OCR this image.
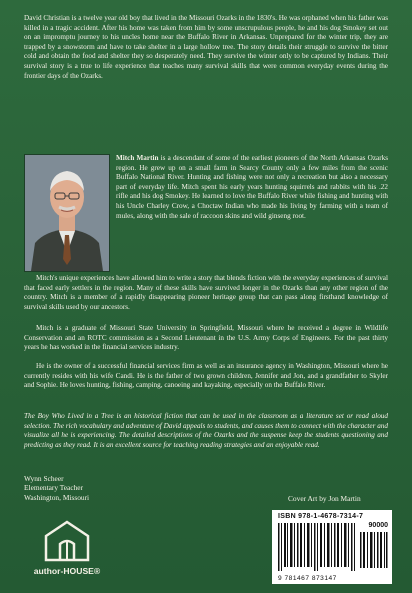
David Christian is a twelve year old boy that lived in the Missouri Ozarks in the 1830's. He was orphaned when his father was killed in a tragic accident. After his home was taken from him by some unscrupulous people, he and his dog Smokey set out on an impromptu journey to his uncles home near the Buffalo River in Arkansas. Unprepared for the winter trip, they are trapped by a snowstorm and have to take shelter in a large hollow tree. The story details their struggle to survive the bitter cold and obtain the food and shelter they so desperately need. They survive the winter only to be captured by Indians. Their survival story is a true to life experience that teaches many survival skills that were common everyday events during the frontier days of the Ozarks.

Mitch Martin is a descendant of some of the earliest pioneers of the North Arkansas Ozarks region. He grew up on a small farm in Searcy County only a few miles from the scenic Buffalo National River. Hunting and fishing were not only a recreation but also a necessary part of everyday life. Mitch spent his early years hunting squirrels and rabbits with his .22 rifle and his dog Smokey. He learned to love the Buffalo River while fishing and hunting with his Uncle Charley Crow, a Choctaw Indian who made his living by farming with a team of mules, along with the sale of raccoon skins and wild ginseng root.

Mitch's unique experiences have allowed him to write a story that blends fiction with the everyday experiences of survival that faced early settlers in the region. Many of these skills have survived longer in the Ozarks than any other region of the country. Mitch is a member of a rapidly disappearing pioneer heritage group that can pass along firsthand knowledge of survival skills used by our ancestors.

Mitch is a graduate of Missouri State University in Springfield, Missouri where he received a degree in Wildlife Conservation and an ROTC commission as a Second Lieutenant in the U.S. Army Corps of Engineers. For the past thirty years he has worked in the financial services industry.

He is the owner of a successful financial services firm as well as an insurance agency in Washington, Missouri where he currently resides with his wife Candi. He is the father of two grown children, Jennifer and Jon, and a grandfather to Skyler and Sophie. He loves hunting, fishing, camping, canoeing and kayaking, especially on the Buffalo River.

The Boy Who Lived in a Tree is an historical fiction that can be used in the classroom as a literature set or read aloud selection. The rich vocabulary and adventure of David appeals to students, and causes them to connect with the character and visualize all he is experiencing. The detailed descriptions of the Ozarks and the suspense keep the students questioning and predicting as they read. It is an excellent source for teaching reading strategies and an enjoyable read.

Wynn Scheer
Elementary Teacher
Washington, Missouri	Cover Art by Jon Martin
ISBN 978-1-4678-7314-7
90000
9 781467 873147
author-HOUSE®
